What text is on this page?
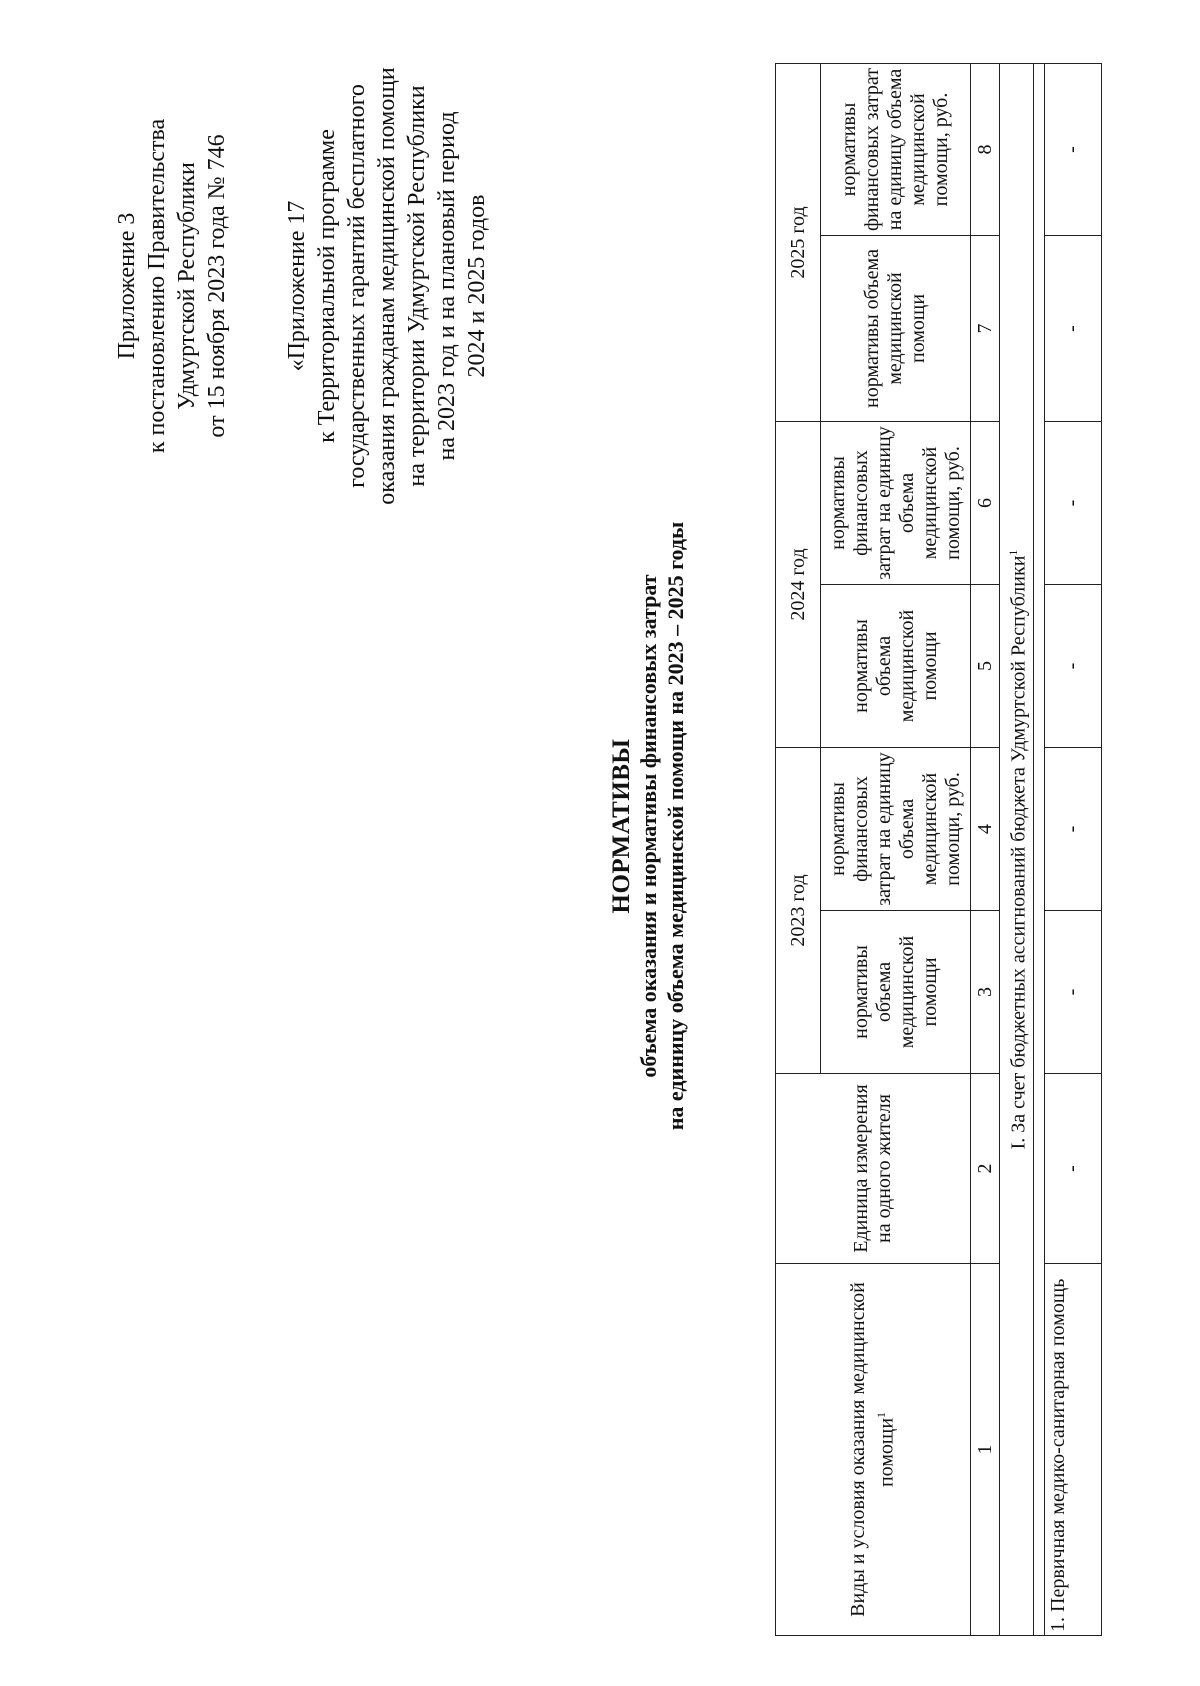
Приложение 3 к постановлению Правительства Удмуртской Республики от 15 ноября 2023 года № 746 «Приложение 17 к Территориальной программе государственных гарантий бесплатного оказания гражданам медицинской помощи на территории Удмуртской Республики на 2023 год и на плановый период 2024 и 2025 годов
НОРМАТИВЫ объема оказания и нормативы финансовых затрат на единицу объема медицинской помощи на 2023 – 2025 годы
Виды и условия оказания медицинской помощи$^1$	Единица измерения на одного жителя	2023 год		2024 год		2025 год	
		нормативы объема медицинской помощи	нормативы финансовых затрат на единицу объема медицинской помощи, руб.	нормативы объема медицинской помощи	нормативы финансовых затрат на единицу объема медицинской помощи, руб.	нормативы объема медицинской помощи	нормативы финансовых затрат на единицу объема медицинской помощи, руб.
1	2	3	4	5	6	7	8
I. За счет бюджетных ассигнований бюджета Удмуртской Республики$^1$

1. Первичная медико-санитарная помощь	-	-	-	-	-	-	-
